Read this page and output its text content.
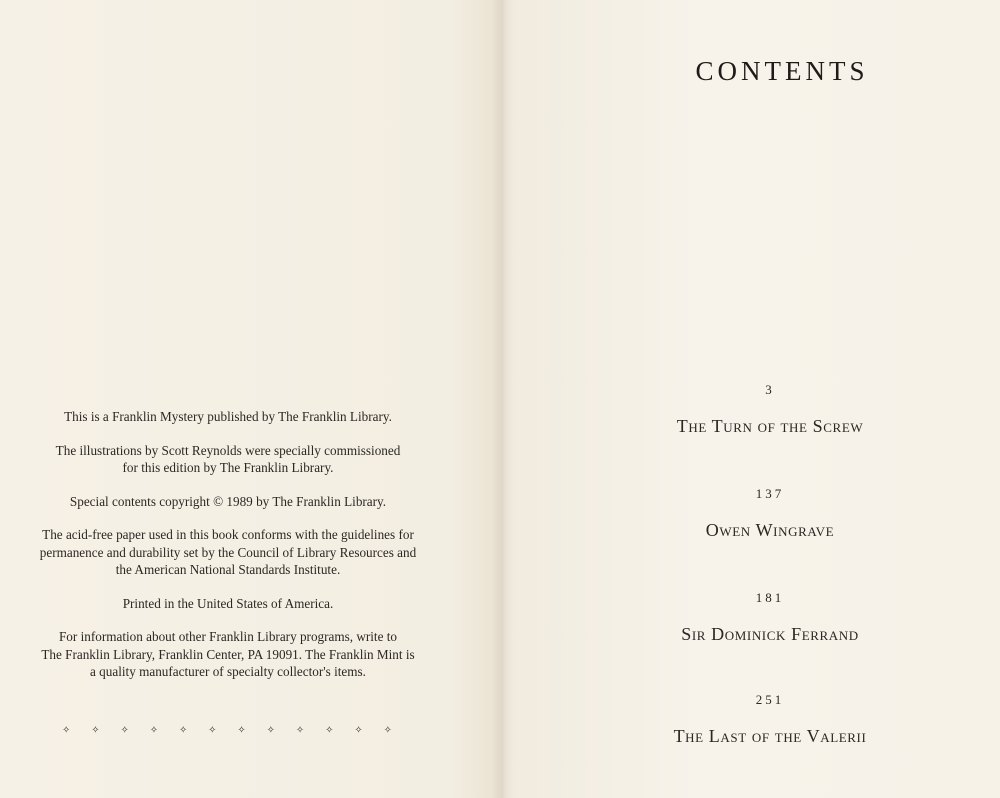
This is a Franklin Mystery published by The Franklin Library.

The illustrations by Scott Reynolds were specially commissioned
for this edition by The Franklin Library.

Special contents copyright © 1989 by The Franklin Library.

The acid-free paper used in this book conforms with the guidelines for
permanence and durability set by the Council of Library Resources and
the American National Standards Institute.

Printed in the United States of America.

For information about other Franklin Library programs, write to
The Franklin Library, Franklin Center, PA 19091. The Franklin Mint is
a quality manufacturer of specialty collector's items.

✧ ✧ ✧ ✧ ✧ ✧ ✧ ✧ ✧ ✧ ✧ ✧
CONTENTS
3
The Turn of the Screw
137
Owen Wingrave
181
Sir Dominick Ferrand
251
The Last of the Valerii
